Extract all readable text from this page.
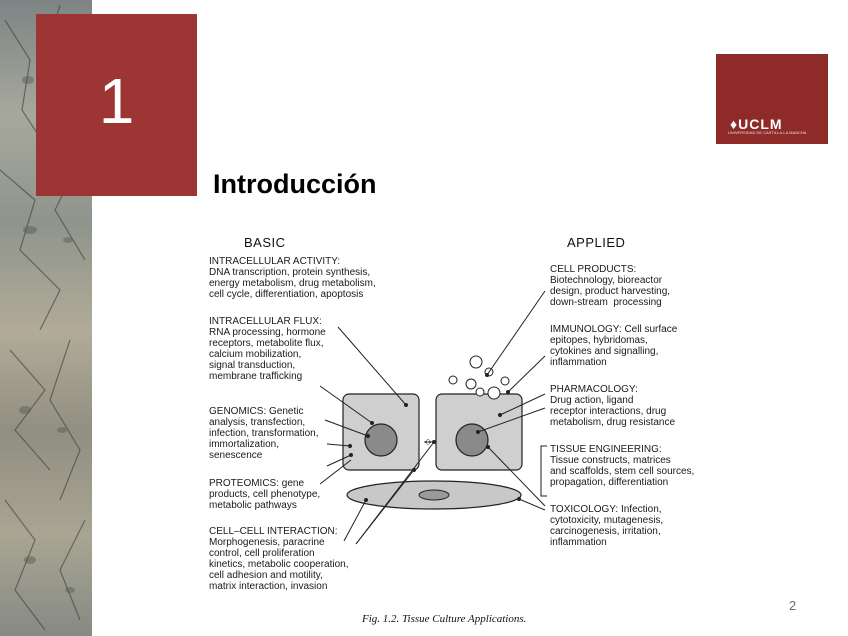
1	♦UCLM
UNIVERSIDAD DE CASTILLA-LA MANCHA
Introducción
BASIC	APPLIED
INTRACELLULAR ACTIVITY:
DNA transcription, protein synthesis,
energy metabolism, drug metabolism,
cell cycle, differentiation, apoptosis
INTRACELLULAR FLUX:
RNA processing, hormone
receptors, metabolite flux,
calcium mobilization,
signal transduction,
membrane trafficking
GENOMICS: Genetic
analysis, transfection,
infection, transformation,
immortalization,
senescence
PROTEOMICS: gene
products, cell phenotype,
metabolic pathways
CELL–CELL INTERACTION:
Morphogenesis, paracrine
control, cell proliferation
kinetics, metabolic cooperation,
cell adhesion and motility,
matrix interaction, invasion
CELL PRODUCTS:
Biotechnology, bioreactor
design, product harvesting,
down-stream  processing
IMMUNOLOGY: Cell surface
epitopes, hybridomas,
cytokines and signalling,
inflammation
PHARMACOLOGY:
Drug action, ligand
receptor interactions, drug
metabolism, drug resistance
TISSUE ENGINEERING:
Tissue constructs, matrices
and scaffolds, stem cell sources,
propagation, differentiation
TOXICOLOGY: Infection,
cytotoxicity, mutagenesis,
carcinogenesis, irritation,
inflammation
Fig. 1.2. Tissue Culture Applications.
2
